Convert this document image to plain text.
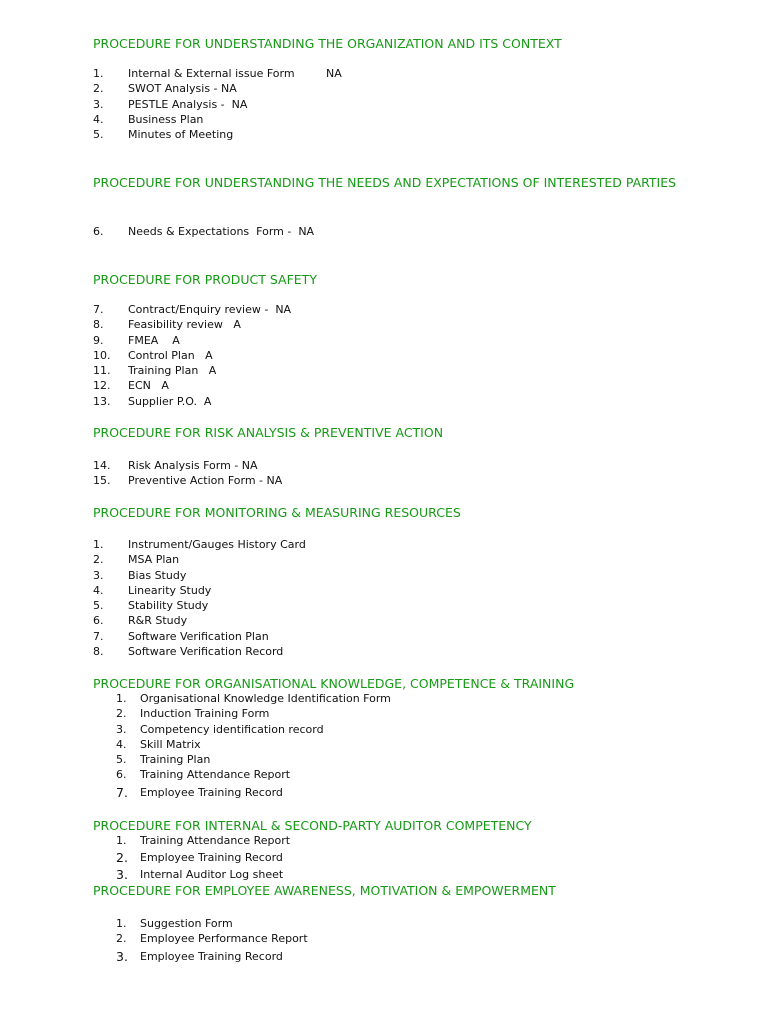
PROCEDURE FOR UNDERSTANDING THE ORGANIZATION AND ITS CONTEXT

1. Internal & External issue Form         NA
2. SWOT Analysis - NA
3. PESTLE Analysis -  NA
4. Business Plan
5. Minutes of Meeting

PROCEDURE FOR UNDERSTANDING THE NEEDS AND EXPECTATIONS OF INTERESTED PARTIES

6. Needs & Expectations  Form -  NA

PROCEDURE FOR PRODUCT SAFETY

7. Contract/Enquiry review -  NA
8. Feasibility review   A
9. FMEA    A
10. Control Plan   A
11. Training Plan   A
12. ECN   A
13. Supplier P.O.  A

PROCEDURE FOR RISK ANALYSIS & PREVENTIVE ACTION

14. Risk Analysis Form - NA
15. Preventive Action Form - NA

PROCEDURE FOR MONITORING & MEASURING RESOURCES

1. Instrument/Gauges History Card
2. MSA Plan
3. Bias Study
4. Linearity Study
5. Stability Study
6. R&R Study
7. Software Verification Plan
8. Software Verification Record

PROCEDURE FOR ORGANISATIONAL KNOWLEDGE, COMPETENCE & TRAINING

1. Organisational Knowledge Identification Form
2. Induction Training Form
3. Competency identification record
4. Skill Matrix
5. Training Plan
6. Training Attendance Report
7. Employee Training Record

PROCEDURE FOR INTERNAL & SECOND-PARTY AUDITOR COMPETENCY

1. Training Attendance Report
2. Employee Training Record
3. Internal Auditor Log sheet

PROCEDURE FOR EMPLOYEE AWARENESS, MOTIVATION & EMPOWERMENT

1. Suggestion Form
2. Employee Performance Report
3. Employee Training Record
